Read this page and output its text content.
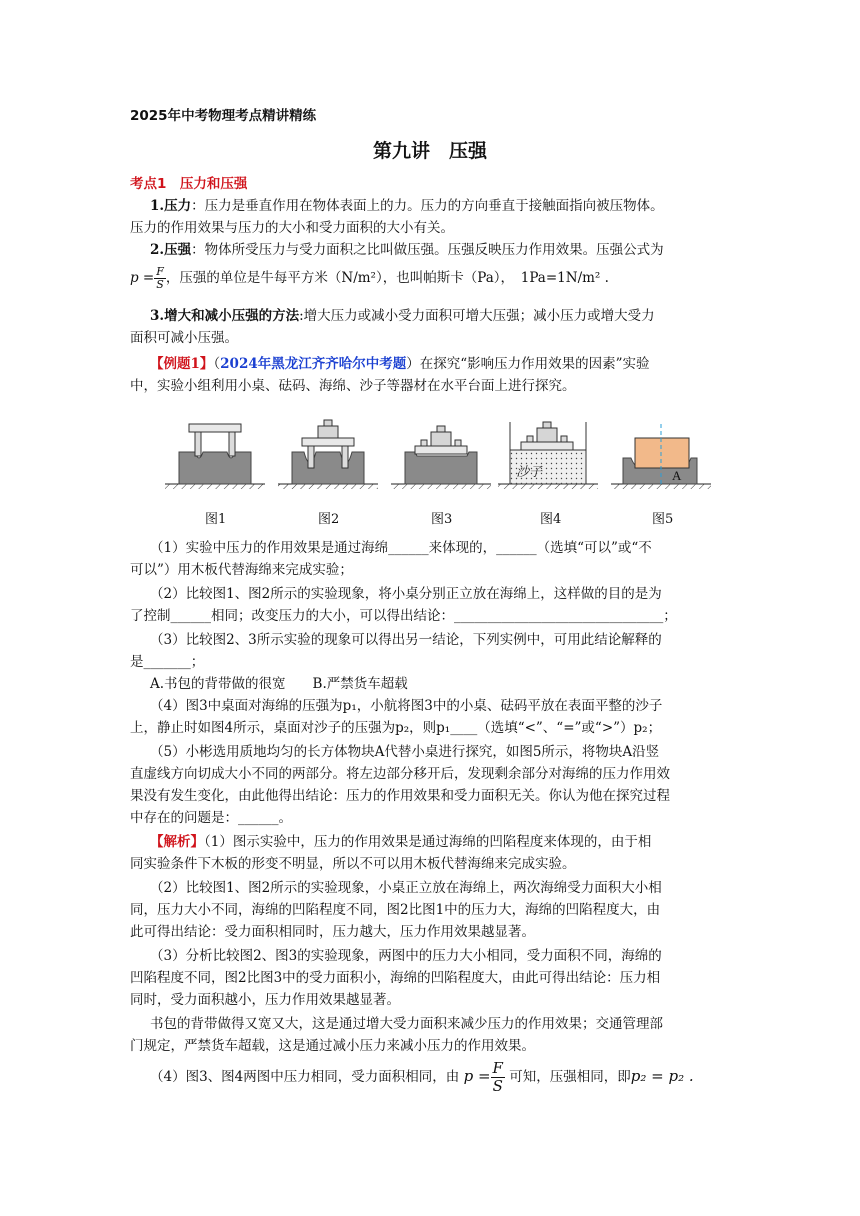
2025年中考物理考点精讲精练
第九讲　压强
考点1　压力和压强
1.压力：压力是垂直作用在物体表面上的力。压力的方向垂直于接触面指向被压物体。
压力的作用效果与压力的大小和受力面积的大小有关。
2.压强：物体所受压力与受力面积之比叫做压强。压强反映压力作用效果。压强公式为
$p = \frac{F}{S}$ ，压强的单位是牛每平方米（N/m²），也叫帕斯卡（Pa），　1Pa=1N/m² .
3.增大和减小压强的方法:增大压力或减小受力面积可增大压强；减小压力或增大受力
面积可减小压强。
【例题1】（2024年黑龙江齐齐哈尔中考题）在探究“影响压力作用效果的因素”实验
中，实验小组利用小桌、砝码、海绵、沙子等器材在水平台面上进行探究。
沙子	A
图1	图2	图3	图4	图5
（1）实验中压力的作用效果是通过海绵______来体现的，______（选填“可以”或“不
可以”）用木板代替海绵来完成实验；
（2）比较图1、图2所示的实验现象，将小桌分别正立放在海绵上，这样做的目的是为
了控制______相同；改变压力的大小，可以得出结论：_______________________________；
（3）比较图2、3所示实验的现象可以得出另一结论，下列实例中，可用此结论解释的
是_______；
A.书包的背带做的很宽　　B.严禁货车超载
（4）图3中桌面对海绵的压强为p₁，小航将图3中的小桌、砝码平放在表面平整的沙子
上，静止时如图4所示，桌面对沙子的压强为p₂，则p₁____（选填“<”、“=”或“>”）p₂；
（5）小彬选用质地均匀的长方体物块A代替小桌进行探究，如图5所示，将物块A沿竖
直虚线方向切成大小不同的两部分。将左边部分移开后，发现剩余部分对海绵的压力作用效
果没有发生变化，由此他得出结论：压力的作用效果和受力面积无关。你认为他在探究过程
中存在的问题是：______。
【解析】（1）图示实验中，压力的作用效果是通过海绵的凹陷程度来体现的，由于相
同实验条件下木板的形变不明显，所以不可以用木板代替海绵来完成实验。
（2）比较图1、图2所示的实验现象，小桌正立放在海绵上，两次海绵受力面积大小相
同，压力大小不同，海绵的凹陷程度不同，图2比图1中的压力大，海绵的凹陷程度大，由
此可得出结论：受力面积相同时，压力越大，压力作用效果越显著。
（3）分析比较图2、图3的实验现象，两图中的压力大小相同，受力面积不同，海绵的
凹陷程度不同，图2比图3中的受力面积小，海绵的凹陷程度大，由此可得出结论：压力相
同时，受力面积越小，压力作用效果越显著。
书包的背带做得又宽又大，这是通过增大受力面积来减少压力的作用效果；交通管理部
门规定，严禁货车超载，这是通过减小压力来减小压力的作用效果。
（4）图3、图4两图中压力相同，受力面积相同，由 $p = \frac{F}{S}$ 可知，压强相同，即p₂ = p₂ .
